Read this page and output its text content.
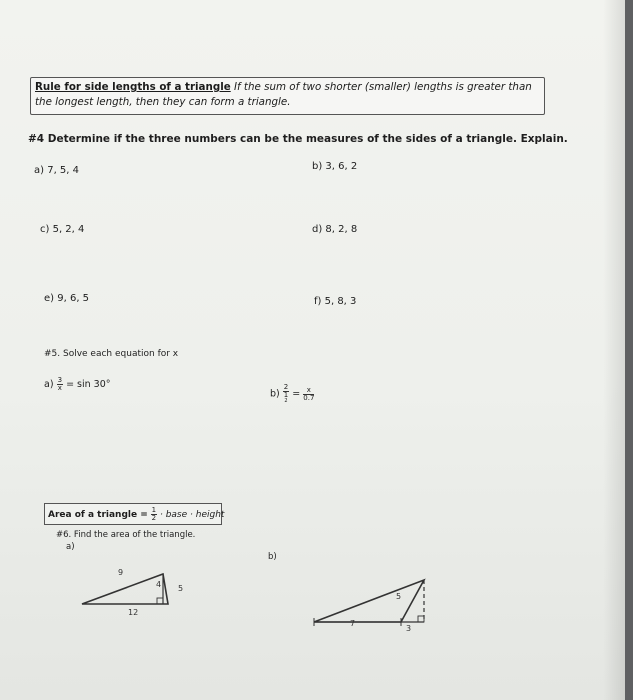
Rule for side lengths of a triangle If the sum of two shorter (smaller) lengths is greater than the longest length, then they can form a triangle.
#4 Determine if the three numbers can be the measures of the sides of a triangle. Explain.
a) 7, 5, 4	b) 3, 6, 2
c) 5, 2, 4	d) 8, 2, 8
e) 9, 6, 5	f) 5, 8, 3
#5. Solve each equation for x
$a) \frac{3}{x} = \sin 30^\circ$
b)
2
1
2
= $\frac{x}{0.7}$
Area of a triangle = $\frac{1}{2}$ · base · height
#6. Find the area of the triangle.
a)
b)
9
4 5
12
5
7
3
